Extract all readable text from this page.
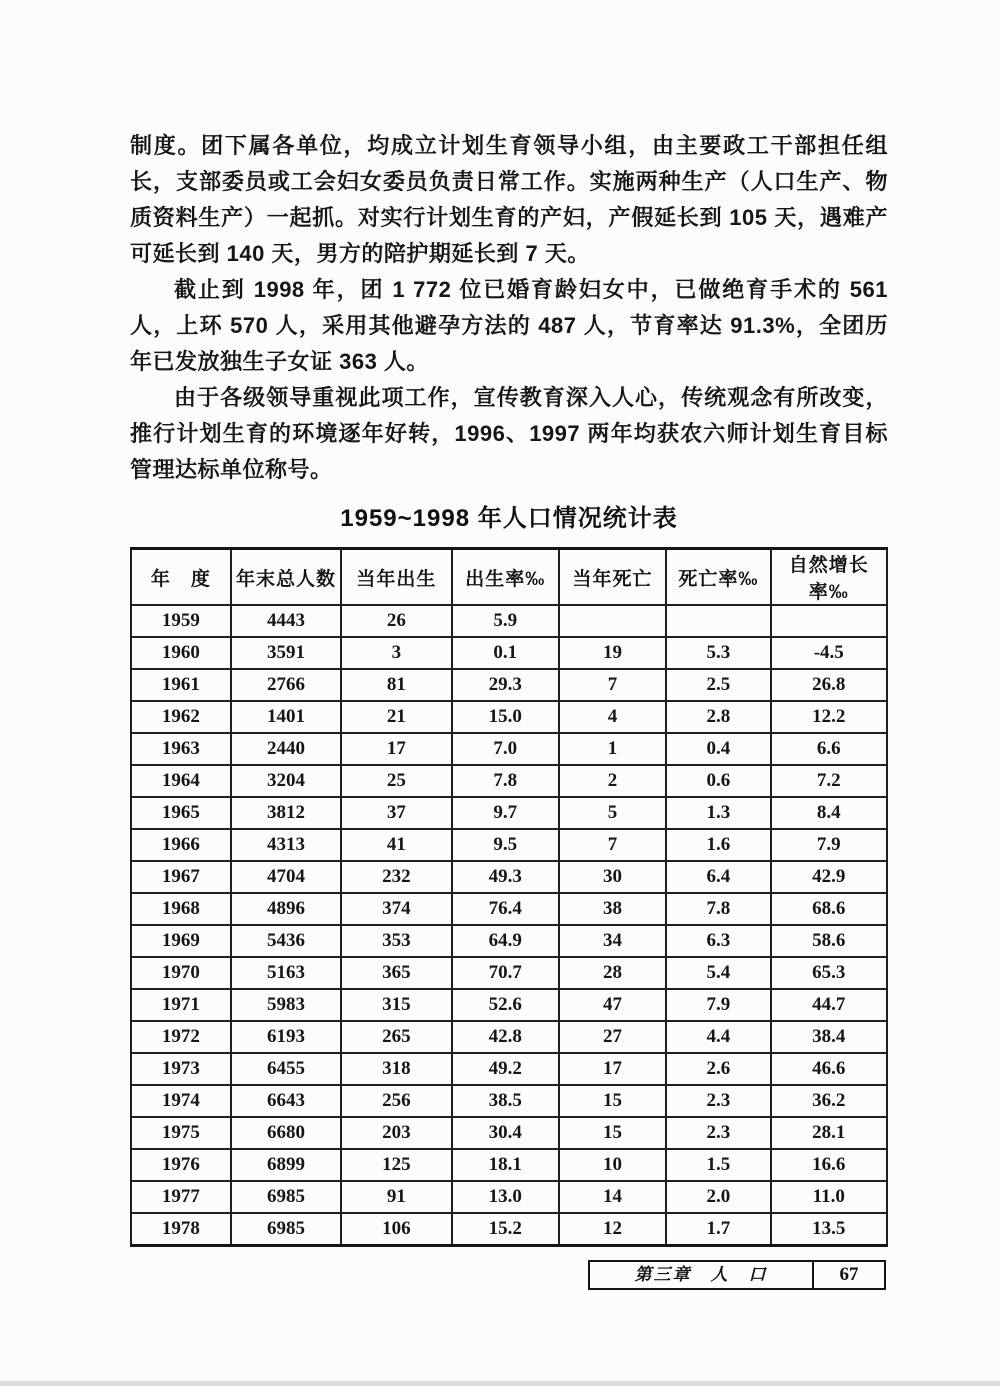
制度。团下属各单位，均成立计划生育领导小组，由主要政工干部担任组长，支部委员或工会妇女委员负责日常工作。实施两种生产（人口生产、物质资料生产）一起抓。对实行计划生育的产妇，产假延长到 105 天，遇难产可延长到 140 天，男方的陪护期延长到 7 天。

截止到 1998 年，团 1 772 位已婚育龄妇女中，已做绝育手术的 561 人，上环 570 人，采用其他避孕方法的 487 人，节育率达 91.3%，全团历年已发放独生子女证 363 人。

由于各级领导重视此项工作，宣传教育深入人心，传统观念有所改变，推行计划生育的环境逐年好转，1996、1997 两年均获农六师计划生育目标管理达标单位称号。

1959~1998 年人口情况统计表
年　度	年末总人数	当年出生	出生率‰	当年死亡	死亡率‰	自然增长率‰
1959	4443	26	5.9			
1960	3591	3	0.1	19	5.3	-4.5
1961	2766	81	29.3	7	2.5	26.8
1962	1401	21	15.0	4	2.8	12.2
1963	2440	17	7.0	1	0.4	6.6
1964	3204	25	7.8	2	0.6	7.2
1965	3812	37	9.7	5	1.3	8.4
1966	4313	41	9.5	7	1.6	7.9
1967	4704	232	49.3	30	6.4	42.9
1968	4896	374	76.4	38	7.8	68.6
1969	5436	353	64.9	34	6.3	58.6
1970	5163	365	70.7	28	5.4	65.3
1971	5983	315	52.6	47	7.9	44.7
1972	6193	265	42.8	27	4.4	38.4
1973	6455	318	49.2	17	2.6	46.6
1974	6643	256	38.5	15	2.3	36.2
1975	6680	203	30.4	15	2.3	28.1
1976	6899	125	18.1	10	1.5	16.6
1977	6985	91	13.0	14	2.0	11.0
1978	6985	106	15.2	12	1.7	13.5
第三章　人　口	67
